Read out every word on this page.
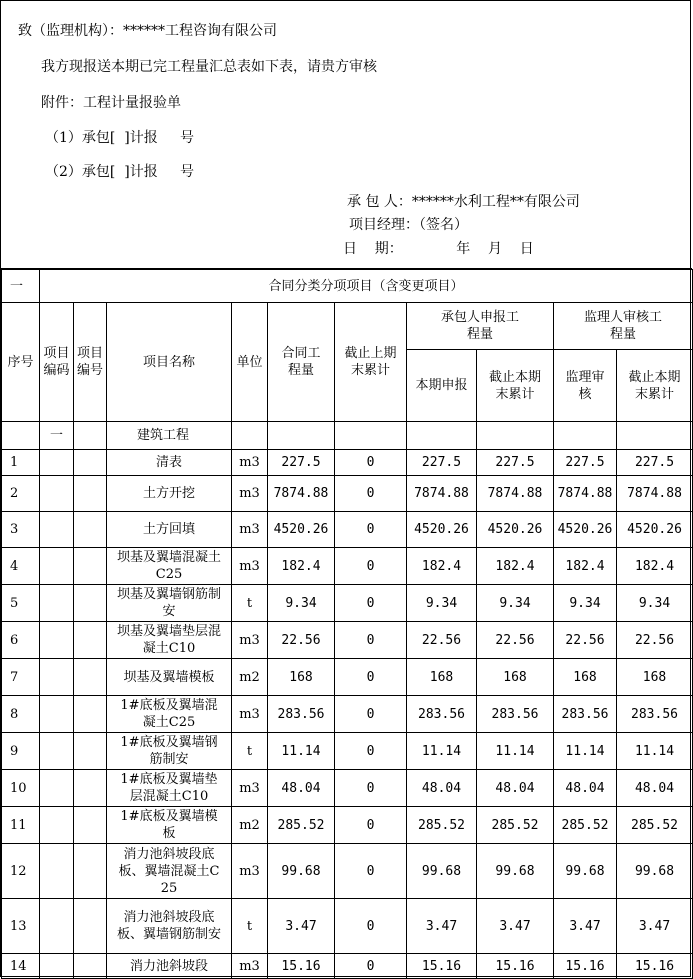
致（监理机构）：******工程咨询有限公司
我方现报送本期已完工程量汇总表如下表，请贵方审核
附件：工程计量报验单
（1）承包[  ]计报     号
（2）承包[  ]计报     号
承 包 人：******水利工程**有限公司
项目经理：（签名）
日    期：            年    月    日
一	合同分类分项项目（含变更项目）									
序号	项目编码	项目编号	项目名称	单位	合同工程量	截止上期末累计	承包人申报工程量		监理人审核工程量	
							本期申报	截止本期末累计	监理审核	截止本期末累计
	一		建筑工程							
1			清表	m3	227.5	0	227.5	227.5	227.5	227.5
2			土方开挖	m3	7874.88	0	7874.88	7874.88	7874.88	7874.88
3			土方回填	m3	4520.26	0	4520.26	4520.26	4520.26	4520.26
4			坝基及翼墙混凝土C25	m3	182.4	0	182.4	182.4	182.4	182.4
5			坝基及翼墙钢筋制安	t	9.34	0	9.34	9.34	9.34	9.34
6			坝基及翼墙垫层混凝土C10	m3	22.56	0	22.56	22.56	22.56	22.56
7			坝基及翼墙模板	m2	168	0	168	168	168	168
8			1#底板及翼墙混凝土C25	m3	283.56	0	283.56	283.56	283.56	283.56
9			1#底板及翼墙钢筋制安	t	11.14	0	11.14	11.14	11.14	11.14
10			1#底板及翼墙垫层混凝土C10	m3	48.04	0	48.04	48.04	48.04	48.04
11			1#底板及翼墙模板	m2	285.52	0	285.52	285.52	285.52	285.52
12			消力池斜坡段底板、翼墙混凝土C25	m3	99.68	0	99.68	99.68	99.68	99.68
13			消力池斜坡段底板、翼墙钢筋制安	t	3.47	0	3.47	3.47	3.47	3.47
14			消力池斜坡段	m3	15.16	0	15.16	15.16	15.16	15.16
